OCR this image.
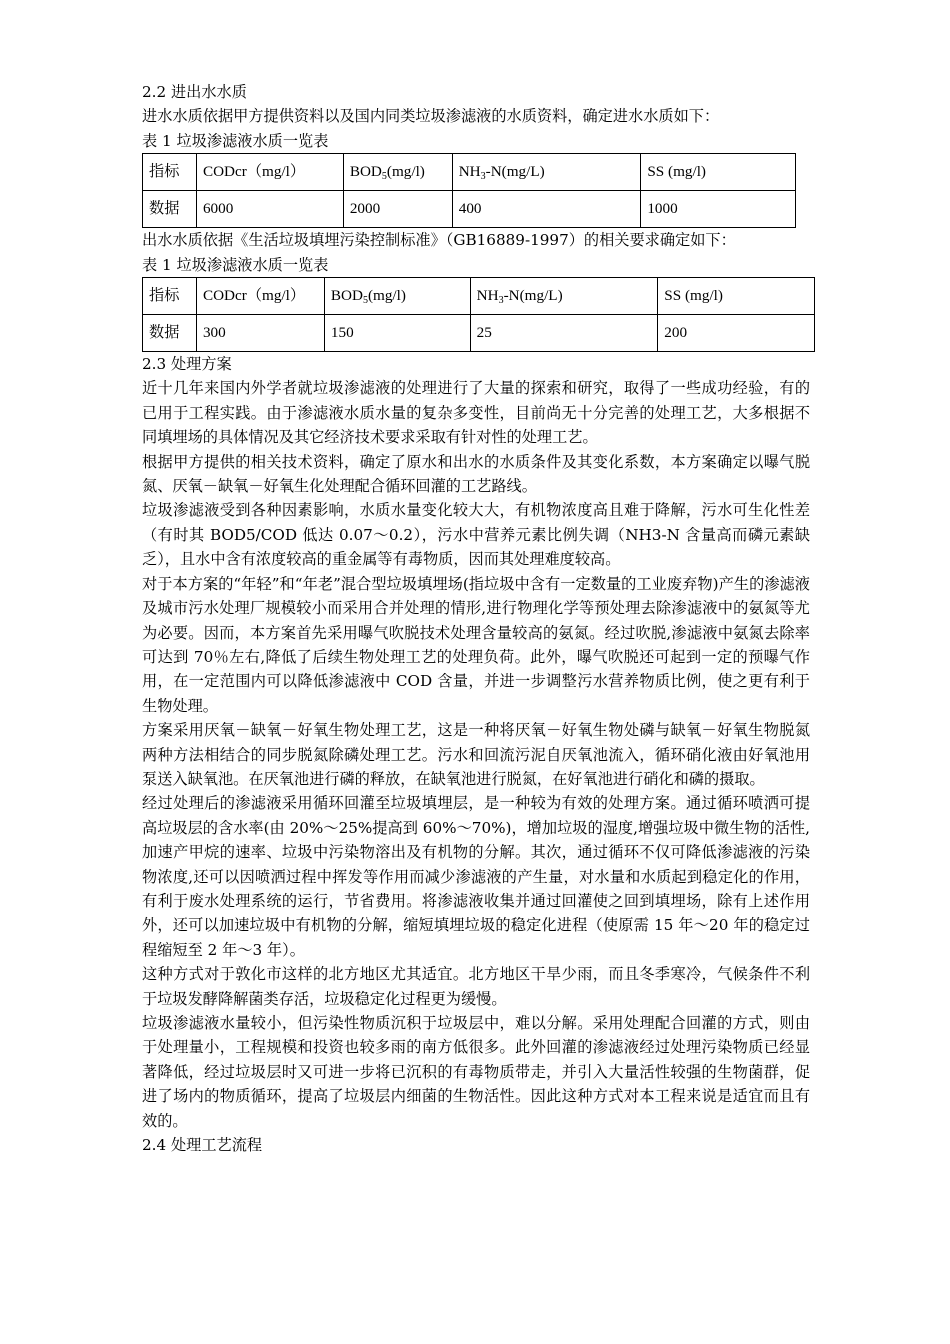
2.2 进出水水质
进水水质依据甲方提供资料以及国内同类垃圾渗滤液的水质资料，确定进水水质如下：
表 1 垃圾渗滤液水质一览表
指标	CODcr（mg/l）	$BOD_5(mg/l)$	$NH_3-N(mg/L)$	SS (mg/l)
数据	6000	2000	400	1000
出水水质依据《生活垃圾填埋污染控制标准》（GB16889-1997）的相关要求确定如下：
表 1 垃圾渗滤液水质一览表
指标	CODcr（mg/l）	$BOD_5(mg/l)$	$NH_3-N(mg/L)$	SS (mg/l)
数据	300	150	25	200
2.3 处理方案

近十几年来国内外学者就垃圾渗滤液的处理进行了大量的探索和研究，取得了一些成功经验，有的已用于工程实践。由于渗滤液水质水量的复杂多变性，目前尚无十分完善的处理工艺，大多根据不同填埋场的具体情况及其它经济技术要求采取有针对性的处理工艺。

根据甲方提供的相关技术资料，确定了原水和出水的水质条件及其变化系数，本方案确定以曝气脱氮、厌氧－缺氧－好氧生化处理配合循环回灌的工艺路线。

垃圾渗滤液受到各种因素影响，水质水量变化较大大，有机物浓度高且难于降解，污水可生化性差（有时其 BOD5/COD 低达 0.07～0.2），污水中营养元素比例失调（NH3-N 含量高而磷元素缺乏），且水中含有浓度较高的重金属等有毒物质，因而其处理难度较高。

对于本方案的“年轻”和“年老”混合型垃圾填埋场(指垃圾中含有一定数量的工业废弃物)产生的渗滤液及城市污水处理厂规模较小而采用合并处理的情形,进行物理化学等预处理去除渗滤液中的氨氮等尤为必要。因而，本方案首先采用曝气吹脱技术处理含量较高的氨氮。经过吹脱,渗滤液中氨氮去除率可达到 70％左右,降低了后续生物处理工艺的处理负荷。此外，曝气吹脱还可起到一定的预曝气作用，在一定范围内可以降低渗滤液中 COD 含量，并进一步调整污水营养物质比例，使之更有利于生物处理。

方案采用厌氧－缺氧－好氧生物处理工艺，这是一种将厌氧－好氧生物处磷与缺氧－好氧生物脱氮两种方法相结合的同步脱氮除磷处理工艺。污水和回流污泥自厌氧池流入，循环硝化液由好氧池用泵送入缺氧池。在厌氧池进行磷的释放，在缺氧池进行脱氮，在好氧池进行硝化和磷的摄取。

经过处理后的渗滤液采用循环回灌至垃圾填埋层，是一种较为有效的处理方案。通过循环喷洒可提高垃圾层的含水率(由 20%～25%提高到 60%～70%)，增加垃圾的湿度,增强垃圾中微生物的活性,加速产甲烷的速率、垃圾中污染物溶出及有机物的分解。其次，通过循环不仅可降低渗滤液的污染物浓度,还可以因喷洒过程中挥发等作用而减少渗滤液的产生量，对水量和水质起到稳定化的作用，有利于废水处理系统的运行，节省费用。将渗滤液收集并通过回灌使之回到填埋场，除有上述作用外，还可以加速垃圾中有机物的分解，缩短填埋垃圾的稳定化进程（使原需 15 年～20 年的稳定过程缩短至 2 年～3 年）。

这种方式对于敦化市这样的北方地区尤其适宜。北方地区干旱少雨，而且冬季寒冷，气候条件不利于垃圾发酵降解菌类存活，垃圾稳定化过程更为缓慢。

垃圾渗滤液水量较小，但污染性物质沉积于垃圾层中，难以分解。采用处理配合回灌的方式，则由于处理量小，工程规模和投资也较多雨的南方低很多。此外回灌的渗滤液经过处理污染物质已经显著降低，经过垃圾层时又可进一步将已沉积的有毒物质带走，并引入大量活性较强的生物菌群，促进了场内的物质循环，提高了垃圾层内细菌的生物活性。因此这种方式对本工程来说是适宜而且有效的。

2.4 处理工艺流程
